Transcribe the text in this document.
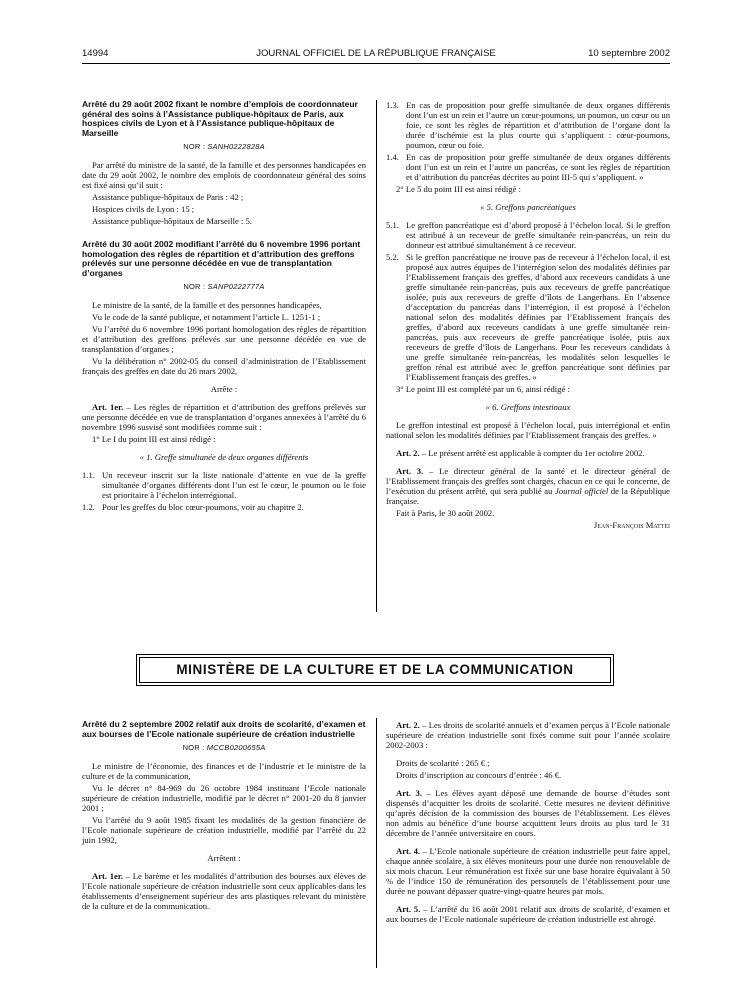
14994	JOURNAL OFFICIEL DE LA RÉPUBLIQUE FRANÇAISE	10 septembre 2002
Arrêté du 29 août 2002 fixant le nombre d’emplois de coordonnateur général des soins à l’Assistance publique-hôpitaux de Paris, aux hospices civils de Lyon et à l’Assistance publique-hôpitaux de Marseille
NOR : SANH0222828A

Par arrêté du ministre de la santé, de la famille et des personnes handicapées en date du 29 août 2002, le nombre des emplois de coordonnateur général des soins est fixé ainsi qu’il suit :

Assistance publique-hôpitaux de Paris : 42 ;

Hospices civils de Lyon : 15 ;

Assistance publique-hôpitaux de Marseille : 5.

Arrêté du 30 août 2002 modifiant l’arrêté du 6 novembre 1996 portant homologation des règles de répartition et d’attribution des greffons prélevés sur une personne décédée en vue de transplantation d’organes
NOR : SANP0222777A

Le ministre de la santé, de la famille et des personnes handicapées,

Vu le code de la santé publique, et notamment l’article L. 1251-1 ;

Vu l’arrêté du 6 novembre 1996 portant homologation des règles de répartition et d’attribution des greffons prélevés sur une personne décédée en vue de transplantation d’organes ;

Vu la délibération n° 2002-05 du conseil d’administration de l’Etablissement français des greffes en date du 26 mars 2002,

Arrête :

Art. 1er. – Les règles de répartition et d’attribution des greffons prélevés sur une personne décédée en vue de transplantation d’organes annexées à l’arrêté du 6 novembre 1996 susvisé sont modifiées comme suit :

1° Le I du point III est ainsi rédigé :

« 1. Greffe simultanée de deux organes différents

1.1. Un receveur inscrit sur la liste nationale d’attente en vue de la greffe simultanée d’organes différents dont l’un est le cœur, le poumon ou le foie est prioritaire à l’échelon interrégional.

1.2. Pour les greffes du bloc cœur-poumons, voir au chapitre 2.

1.3. En cas de proposition pour greffe simultanée de deux organes différents dont l’un est un rein et l’autre un cœur-poumons, un poumon, un cœur ou un foie, ce sont les règles de répartition et d’attribution de l’organe dont la durée d’ischémie est la plus courte qui s’appliquent : cœur-poumons, poumon, cœur ou foie.

1.4. En cas de proposition pour greffe simultanée de deux organes différents dont l’un est un rein et l’autre un pancréas, ce sont les règles de répartition et d’attribution du pancréas décrites au point III-5 qui s’appliquent. »

2° Le 5 du point III est ainsi rédigé :

« 5. Greffons pancréatiques

5.1. Le greffon pancréatique est d’abord proposé à l’échelon local. Si le greffon est attribué à un receveur de greffe simultanée rein-pancréas, un rein du donneur est attribué simultanément à ce receveur.

5.2. Si le greffon pancréatique ne trouve pas de receveur à l’échelon local, il est proposé aux autres équipes de l’interrégion selon des modalités définies par l’Etablissement français des greffes, d’abord aux receveurs candidats à une greffe simultanée rein-pancréas, puis aux receveurs de greffe pancréatique isolée, puis aux receveurs de greffe d’îlots de Langerhans. En l’absence d’acceptation du pancréas dans l’interrégion, il est proposé à l’échelon national selon des modalités définies par l’Etablissement français des greffes, d’abord aux receveurs candidats à une greffe simultanée rein-pancréas, puis aux receveurs de greffe pancréatique isolée, puis aux receveurs de greffe d’îlots de Langerhans. Pour les receveurs candidats à une greffe simultanée rein-pancréas, les modalités selon lesquelles le greffon rénal est attribué avec le greffon pancréatique sont définies par l’Etablissement français des greffes. »

3° Le point III est complété par un 6, ainsi rédigé :

« 6. Greffons intestinaux

Le greffon intestinal est proposé à l’échelon local, puis interrégional et enfin national selon les modalités définies par l’Etablissement français des greffes. »

Art. 2. – Le présent arrêté est applicable à compter du 1er octobre 2002.

Art. 3. – Le directeur général de la santé et le directeur général de l’Etablissement français des greffes sont chargés, chacun en ce qui le concerne, de l’exécution du présent arrêté, qui sera publié au Journal officiel de la République française.

Fait à Paris, le 30 août 2002.

Jean-François Mattei

MINISTÈRE DE LA CULTURE ET DE LA COMMUNICATION
Arrêté du 2 septembre 2002 relatif aux droits de scolarité, d’examen et aux bourses de l’Ecole nationale supérieure de création industrielle
NOR : MCCB0200655A

Le ministre de l’économie, des finances et de l’industrie et le ministre de la culture et de la communication,

Vu le décret n° 84-969 du 26 octobre 1984 instituant l’Ecole nationale supérieure de création industrielle, modifié par le décret n° 2001-20 du 8 janvier 2001 ;

Vu l’arrêté du 9 août 1985 fixant les modalités de la gestion financière de l’Ecole nationale supérieure de création industrielle, modifié par l’arrêté du 22 juin 1992,

Arrêtent :

Art. 1er. – Le barème et les modalités d’attribution des bourses aux élèves de l’Ecole nationale supérieure de création industrielle sont ceux applicables dans les établissements d’enseignement supérieur des arts plastiques relevant du ministère de la culture et de la communication.

Art. 2. – Les droits de scolarité annuels et d’examen perçus à l’Ecole nationale supérieure de création industrielle sont fixés comme suit pour l’année scolaire 2002-2003 :

Droits de scolarité : 265 € ;

Droits d’inscription au concours d’entrée : 46 €.

Art. 3. – Les élèves ayant déposé une demande de bourse d’études sont dispensés d’acquitter les droits de scolarité. Cette mesures ne devient définitive qu’après décision de la commission des bourses de l’établissement. Les élèves non admis au bénéfice d’une bourse acquittent leurs droits au plus tard le 31 décembre de l’année universitaire en cours.

Art. 4. – L’Ecole nationale supérieure de création industrielle peut faire appel, chaque année scolaire, à six élèves moniteurs pour une durée non renouvelable de six mois chacun. Leur rémunération est fixée sur une base horaire équivalant à 50 % de l’indice 150 de rémunération des personnels de l’établissement pour une durée ne pouvant dépasser quatre-vingt-quatre heures par mois.

Art. 5. – L’arrêté du 16 août 2001 relatif aux droits de scolarité, d’examen et aux bourses de l’Ecole nationale supérieure de création industrielle est abrogé.
